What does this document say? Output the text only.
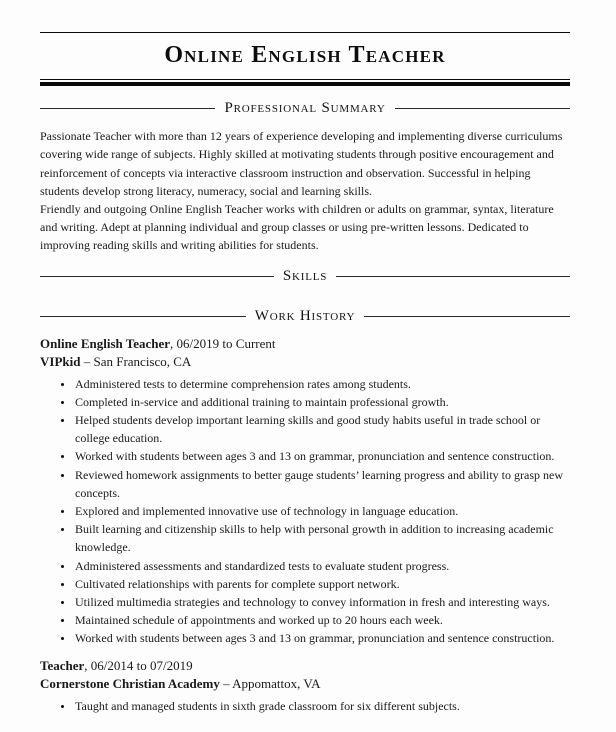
Online English Teacher
Professional Summary

Passionate Teacher with more than 12 years of experience developing and implementing diverse curriculums covering wide range of subjects. Highly skilled at motivating students through positive encouragement and reinforcement of concepts via interactive classroom instruction and observation. Successful in helping students develop strong literacy, numeracy, social and learning skills.

Friendly and outgoing Online English Teacher works with children or adults on grammar, syntax, literature and writing. Adept at planning individual and group classes or using pre-written lessons. Dedicated to improving reading skills and writing abilities for students.

Skills
Work History
Online English Teacher, 06/2019 to Current
VIPkid – San Francisco, CA
• Administered tests to determine comprehension rates among students.
• Completed in-service and additional training to maintain professional growth.
• Helped students develop important learning skills and good study habits useful in trade school or college education.
• Worked with students between ages 3 and 13 on grammar, pronunciation and sentence construction.
• Reviewed homework assignments to better gauge students’ learning progress and ability to grasp new concepts.
• Explored and implemented innovative use of technology in language education.
• Built learning and citizenship skills to help with personal growth in addition to increasing academic knowledge.
• Administered assessments and standardized tests to evaluate student progress.
• Cultivated relationships with parents for complete support network.
• Utilized multimedia strategies and technology to convey information in fresh and interesting ways.
• Maintained schedule of appointments and worked up to 20 hours each week.
• Worked with students between ages 3 and 13 on grammar, pronunciation and sentence construction.
Teacher, 06/2014 to 07/2019
Cornerstone Christian Academy – Appomattox, VA
• Taught and managed students in sixth grade classroom for six different subjects.
